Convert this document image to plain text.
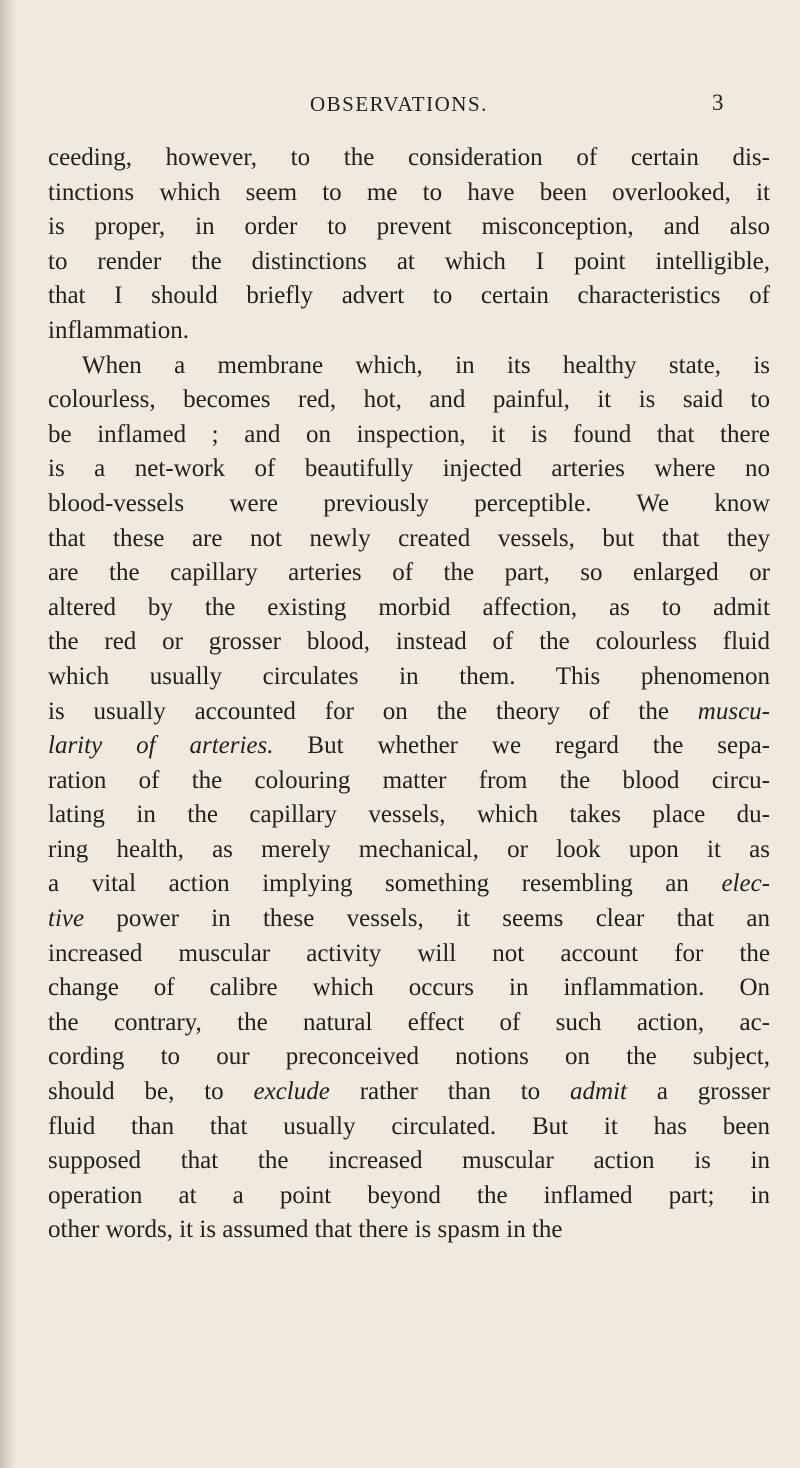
OBSERVATIONS.	3
ceeding, however, to the consideration of certain dis-
tinctions which seem to me to have been overlooked, it
is proper, in order to prevent misconception, and also
to render the distinctions at which I point intelligible,
that I should briefly advert to certain characteristics of
inflammation.
When a membrane which, in its healthy state, is
colourless, becomes red, hot, and painful, it is said to
be inflamed ; and on inspection, it is found that there
is a net-work of beautifully injected arteries where no
blood-vessels were previously perceptible. We know
that these are not newly created vessels, but that they
are the capillary arteries of the part, so enlarged or
altered by the existing morbid affection, as to admit
the red or grosser blood, instead of the colourless fluid
which usually circulates in them. This phenomenon
is usually accounted for on the theory of the muscu-
larity of arteries. But whether we regard the sepa-
ration of the colouring matter from the blood circu-
lating in the capillary vessels, which takes place du-
ring health, as merely mechanical, or look upon it as
a vital action implying something resembling an elec-
tive power in these vessels, it seems clear that an
increased muscular activity will not account for the
change of calibre which occurs in inflammation. On
the contrary, the natural effect of such action, ac-
cording to our preconceived notions on the subject,
should be, to exclude rather than to admit a grosser
fluid than that usually circulated. But it has been
supposed that the increased muscular action is in
operation at a point beyond the inflamed part; in
other words, it is assumed that there is spasm in the
